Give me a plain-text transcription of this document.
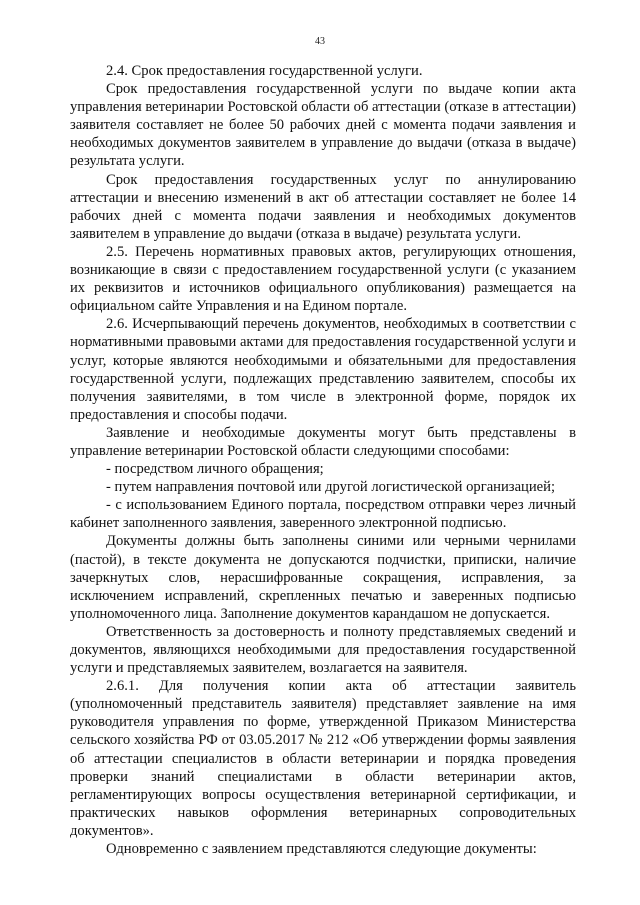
43

2.4. Срок предоставления государственной услуги.

Срок предоставления государственной услуги по выдаче копии акта управления ветеринарии Ростовской области об аттестации (отказе в аттестации) заявителя составляет не более 50 рабочих дней с момента подачи заявления и необходимых документов заявителем в управление до выдачи (отказа в выдаче) результата услуги.

Срок предоставления государственных услуг по аннулированию аттестации и внесению изменений в акт об аттестации составляет не более 14 рабочих дней с момента подачи заявления и необходимых документов заявителем в управление до выдачи (отказа в выдаче) результата услуги.

2.5. Перечень нормативных правовых актов, регулирующих отношения, возникающие в связи с предоставлением государственной услуги (с указанием их реквизитов и источников официального опубликования) размещается на официальном сайте Управления и на Едином портале.

2.6. Исчерпывающий перечень документов, необходимых в соответствии с нормативными правовыми актами для предоставления государственной услуги и услуг, которые являются необходимыми и обязательными для предоставления государственной услуги, подлежащих представлению заявителем, способы их получения заявителями, в том числе в электронной форме, порядок их предоставления и способы подачи.

Заявление и необходимые документы могут быть представлены в управление ветеринарии Ростовской области следующими способами:

- посредством личного обращения;

- путем направления почтовой или другой логистической организацией;

- с использованием Единого портала, посредством отправки через личный кабинет заполненного заявления, заверенного электронной подписью.

Документы должны быть заполнены синими или черными чернилами (пастой), в тексте документа не допускаются подчистки, приписки, наличие зачеркнутых слов, нерасшифрованные сокращения, исправления, за исключением исправлений, скрепленных печатью и заверенных подписью уполномоченного лица. Заполнение документов карандашом не допускается.

Ответственность за достоверность и полноту представляемых сведений и документов, являющихся необходимыми для предоставления государственной услуги и представляемых заявителем, возлагается на заявителя.

2.6.1. Для получения копии акта об аттестации заявитель (уполномоченный представитель заявителя) представляет заявление на имя руководителя управления по форме, утвержденной Приказом Министерства сельского хозяйства РФ от 03.05.2017 № 212 «Об утверждении формы заявления об аттестации специалистов в области ветеринарии и порядка проведения проверки знаний специалистами в области ветеринарии актов, регламентирующих вопросы осуществления ветеринарной сертификации, и практических навыков оформления ветеринарных сопроводительных документов».

Одновременно с заявлением представляются следующие документы:
